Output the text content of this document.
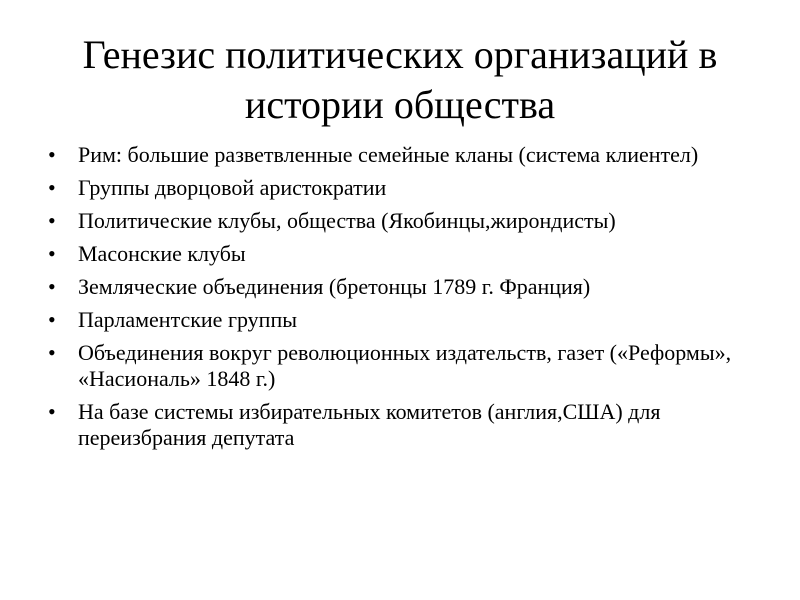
Генезис политических организаций в истории общества
•	Рим: большие разветвленные семейные кланы (система клиентел)
•	Группы дворцовой аристократии
•	Политические клубы, общества (Якобинцы,жирондисты)
•	Масонские клубы
•	Земляческие объединения (бретонцы 1789 г. Франция)
•	Парламентские группы
•	Объединения вокруг революционных издательств, газет («Реформы», «Насиональ» 1848 г.)
•	На базе системы избирательных комитетов (англия,США) для переизбрания депутата
